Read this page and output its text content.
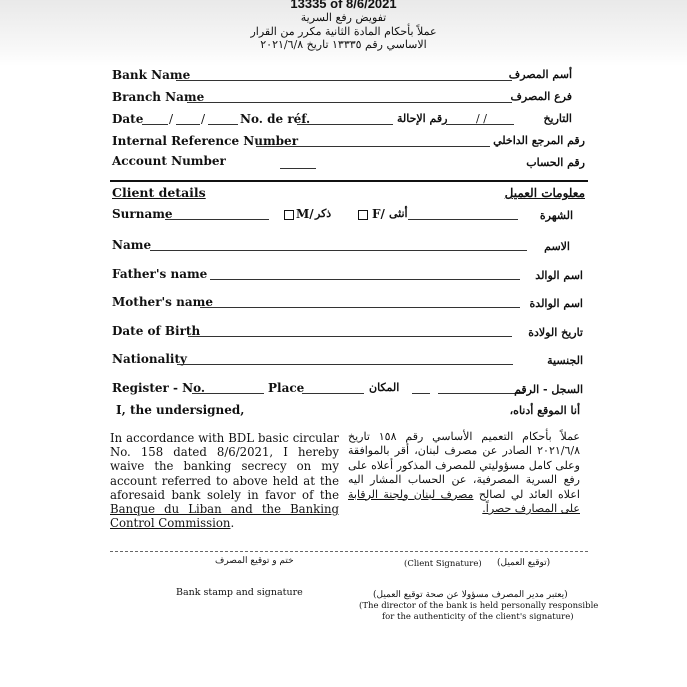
13335 of 8/6/2021
تفويض رفع السرية
عملاً بأحكام المادة الثانية مكرر من القرار
الاساسي رقم ١٣٣٣٥ تاريخ ٢٠٢١/٦/٨
Bank Name	أسم المصرف
Branch Name	فرع المصرف
Date / /	No. de réf.	رقم الإحالة	/ /	التاريخ
Internal Reference Number	رقم المرجع الداخلي
Account Number	رقم الحساب
Client details	معلومات العميل
Surname	M/ ذكر	F/ أنثى	الشهرة
Name	الاسم
Father's name	اسم الوالد
Mother's name	اسم الوالدة
Date of Birth	تاريخ الولادة
Nationality	الجنسية
Register - No.	Place	المكان	السجل - الرقم
I, the undersigned,	أنا الموقع أدناه،
In accordance with BDL basic circular No. 158 dated 8/6/2021, I hereby waive the banking secrecy on my account referred to above held at the aforesaid bank solely in favor of the Banque du Liban and the Banking Control Commission.
عملاً بأحكام التعميم الأساسي رقم ١٥٨ تاريخ ٢٠٢١/٦/٨ الصادر عن مصرف لبنان، أقر بالموافقة وعلى كامل مسؤوليتي للمصرف المذكور أعلاه على رفع السرية المصرفية، عن الحساب المشار اليه اعلاه العائد لي لصالح مصرف لبنان ولجنة الرقابة على المصارف حصراً.
ختم و توقيع المصرف	(Client Signature) (توقيع العميل)
Bank stamp and signature	(يعتبر مدير المصرف مسؤولا عن صحة توقيع العميل)
(The director of the bank is held personally responsible
for the authenticity of the client's signature)
